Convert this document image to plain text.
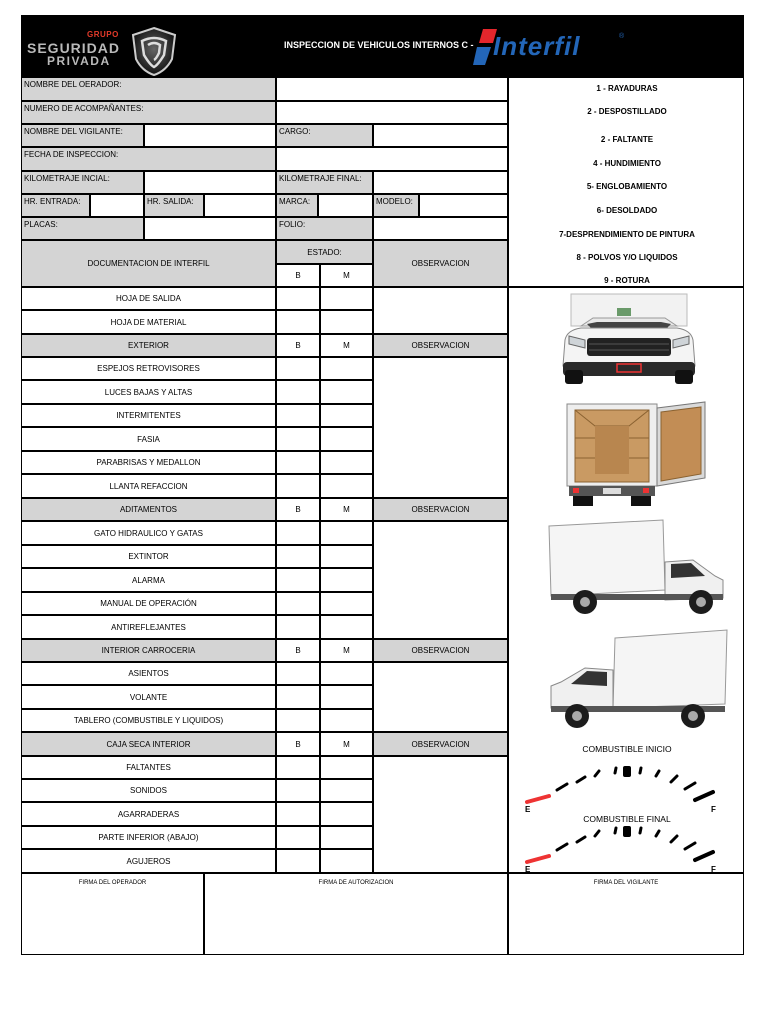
GRUPO
SEGURIDAD
PRIVADA
INSPECCION DE VEHICULOS INTERNOS C - Interfil	®
NOMBRE DEL OERADOR:
NUMERO DE ACOMPAÑANTES:
NOMBRE DEL VIGILANTE:	CARGO:
FECHA DE INSPECCION:
KILOMETRAJE INCIAL:	KILOMETRAJE FINAL:
HR. ENTRADA:	HR. SALIDA:	MARCA:	MODELO:
PLACAS:	FOLIO:
DOCUMENTACION DE INTERFIL
ESTADO:
B	M
OBSERVACION
HOJA DE SALIDA
HOJA DE MATERIAL
EXTERIOR	B	M	OBSERVACION
ESPEJOS RETROVISORES
LUCES BAJAS Y ALTAS
INTERMITENTES
FASIA
PARABRISAS Y MEDALLON
LLANTA REFACCION
ADITAMENTOS	B	M	OBSERVACION
GATO HIDRAULICO Y GATAS
EXTINTOR
ALARMA
MANUAL DE OPERACIÓN
ANTIREFLEJANTES
INTERIOR CARROCERIA	B	M	OBSERVACION
ASIENTOS
VOLANTE
TABLERO (COMBUSTIBLE Y LIQUIDOS)
CAJA SECA INTERIOR	B	M	OBSERVACION
FALTANTES
SONIDOS
AGARRADERAS
PARTE INFERIOR (ABAJO)
AGUJEROS
1 - RAYADURAS
2 - DESPOSTILLADO
2 - FALTANTE
4 - HUNDIMIENTO
5- ENGLOBAMIENTO
6- DESOLDADO
7-DESPRENDIMIENTO DE PINTURA
8 - POLVOS Y/O LIQUIDOS
9 - ROTURA
COMBUSTIBLE INICIO
E	F
COMBUSTIBLE FINAL
E	F
FIRMA DEL OPERADOR	FIRMA DE AUTORIZACION	FIRMA DEL VIGILANTE
